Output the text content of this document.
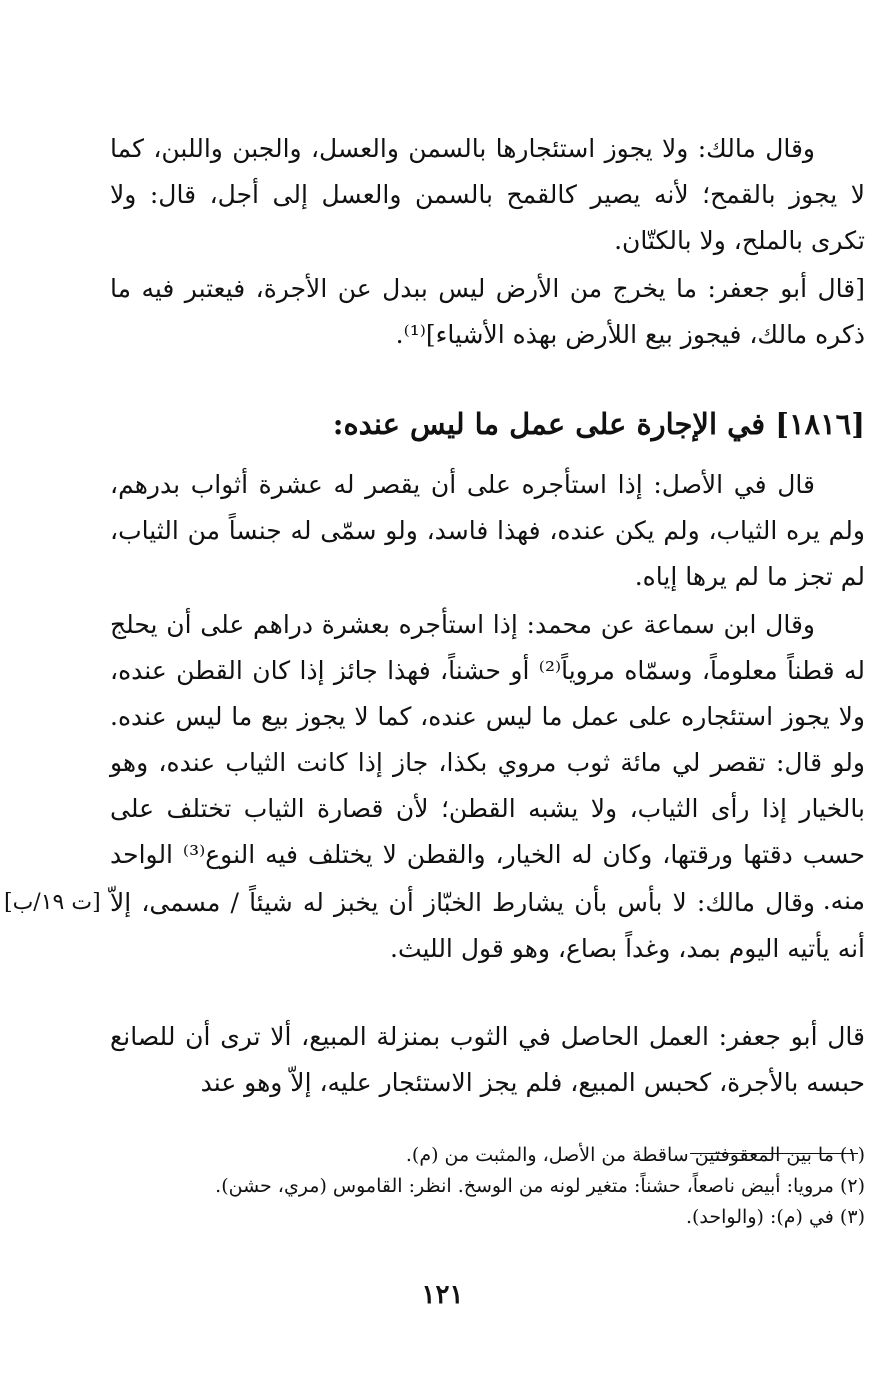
وقال مالك: ولا يجوز استئجارها بالسمن والعسل، والجبن واللبن، كما لا يجوز بالقمح؛ لأنه يصير كالقمح بالسمن والعسل إلى أجل، قال: ولا تكرى بالملح، ولا بالكتّان.

[قال أبو جعفر: ما يخرج من الأرض ليس ببدل عن الأجرة، فيعتبر فيه ما ذكره مالك، فيجوز بيع اللأرض بهذه الأشياء]⁽¹⁾.

[١٨١٦] في الإجارة على عمل ما ليس عنده:

قال في الأصل: إذا استأجره على أن يقصر له عشرة أثواب بدرهم، ولم يره الثياب، ولم يكن عنده، فهذا فاسد، ولو سمّى له جنساً من الثياب، لم تجز ما لم يرها إياه.

وقال ابن سماعة عن محمد: إذا استأجره بعشرة دراهم على أن يحلج له قطناً معلوماً، وسمّاه مروياً⁽²⁾ أو حشناً، فهذا جائز إذا كان القطن عنده، ولا يجوز استئجاره على عمل ما ليس عنده، كما لا يجوز بيع ما ليس عنده. ولو قال: تقصر لي مائة ثوب مروي بكذا، جاز إذا كانت الثياب عنده، وهو بالخيار إذا رأى الثياب، ولا يشبه القطن؛ لأن قصارة الثياب تختلف على حسب دقتها ورقتها، وكان له الخيار، والقطن لا يختلف فيه النوع⁽³⁾ الواحد منه.

وقال مالك: لا بأس بأن يشارط الخبّاز أن يخبز له شيئاً / مسمى، إلاّ أنه يأتيه اليوم بمد، وغداً بصاع، وهو قول الليث.

[ت ١٩/ب]

قال أبو جعفر: العمل الحاصل في الثوب بمنزلة المبيع، ألا ترى أن للصانع حبسه بالأجرة، كحبس المبيع، فلم يجز الاستئجار عليه، إلاّ وهو عند

(١) ما بين المعقوفتين ساقطة من الأصل، والمثبت من (م).

(٢) مرويا: أبيض ناصعاً، حشناً: متغير لونه من الوسخ. انظر: القاموس (مري، حشن).

(٣) في (م): (والواحد).

١٢١
